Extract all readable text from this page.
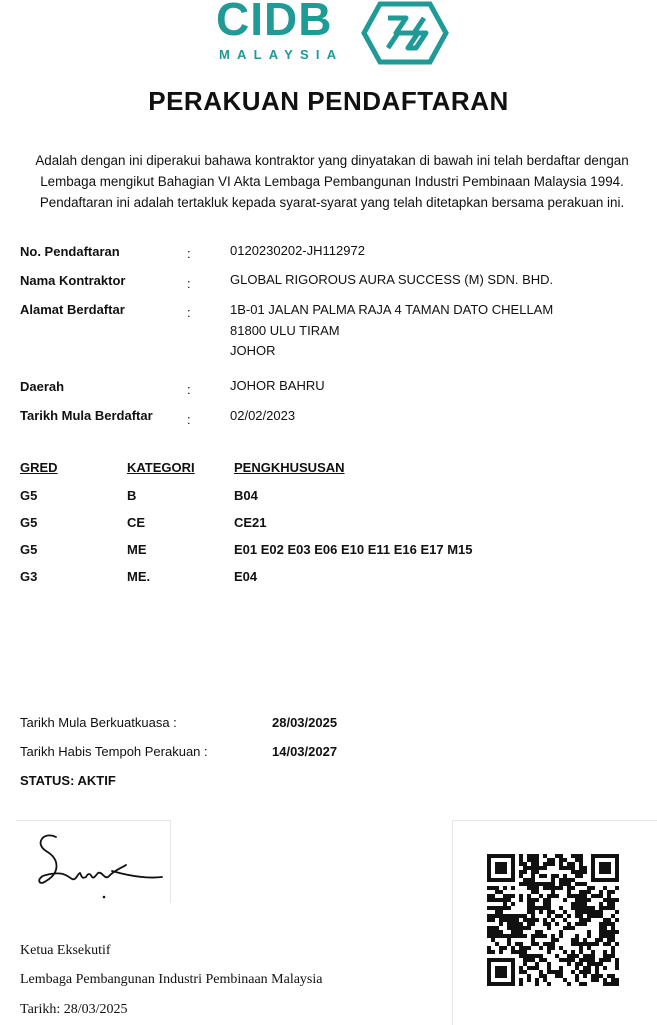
CIDB
MALAYSIA
PERAKUAN PENDAFTARAN
Adalah dengan ini diperakui bahawa kontraktor yang dinyatakan di bawah ini telah berdaftar dengan
Lembaga mengikut Bahagian VI Akta Lembaga Pembangunan Industri Pembinaan Malaysia 1994.
Pendaftaran ini adalah tertakluk kepada syarat-syarat yang telah ditetapkan bersama perakuan ini.
No. Pendaftaran	:	0120230202-JH112972
Nama Kontraktor	:	GLOBAL RIGOROUS AURA SUCCESS (M) SDN. BHD.
Alamat Berdaftar	:	1B-01 JALAN PALMA RAJA 4 TAMAN DATO CHELLAM
81800 ULU TIRAM
JOHOR
Daerah	:	JOHOR BAHRU
Tarikh Mula Berdaftar	:	02/02/2023
GRED	KATEGORI	PENGKHUSUSAN
G5	B	B04
G5	CE	CE21
G5	ME	E01 E02 E03 E06 E10 E11 E16 E17 M15
G3	ME.	E04
Tarikh Mula Berkuatkuasa :	28/03/2025
Tarikh Habis Tempoh Perakuan :	14/03/2027
STATUS: AKTIF
Ketua Eksekutif
Lembaga Pembangunan Industri Pembinaan Malaysia
Tarikh: 28/03/2025
